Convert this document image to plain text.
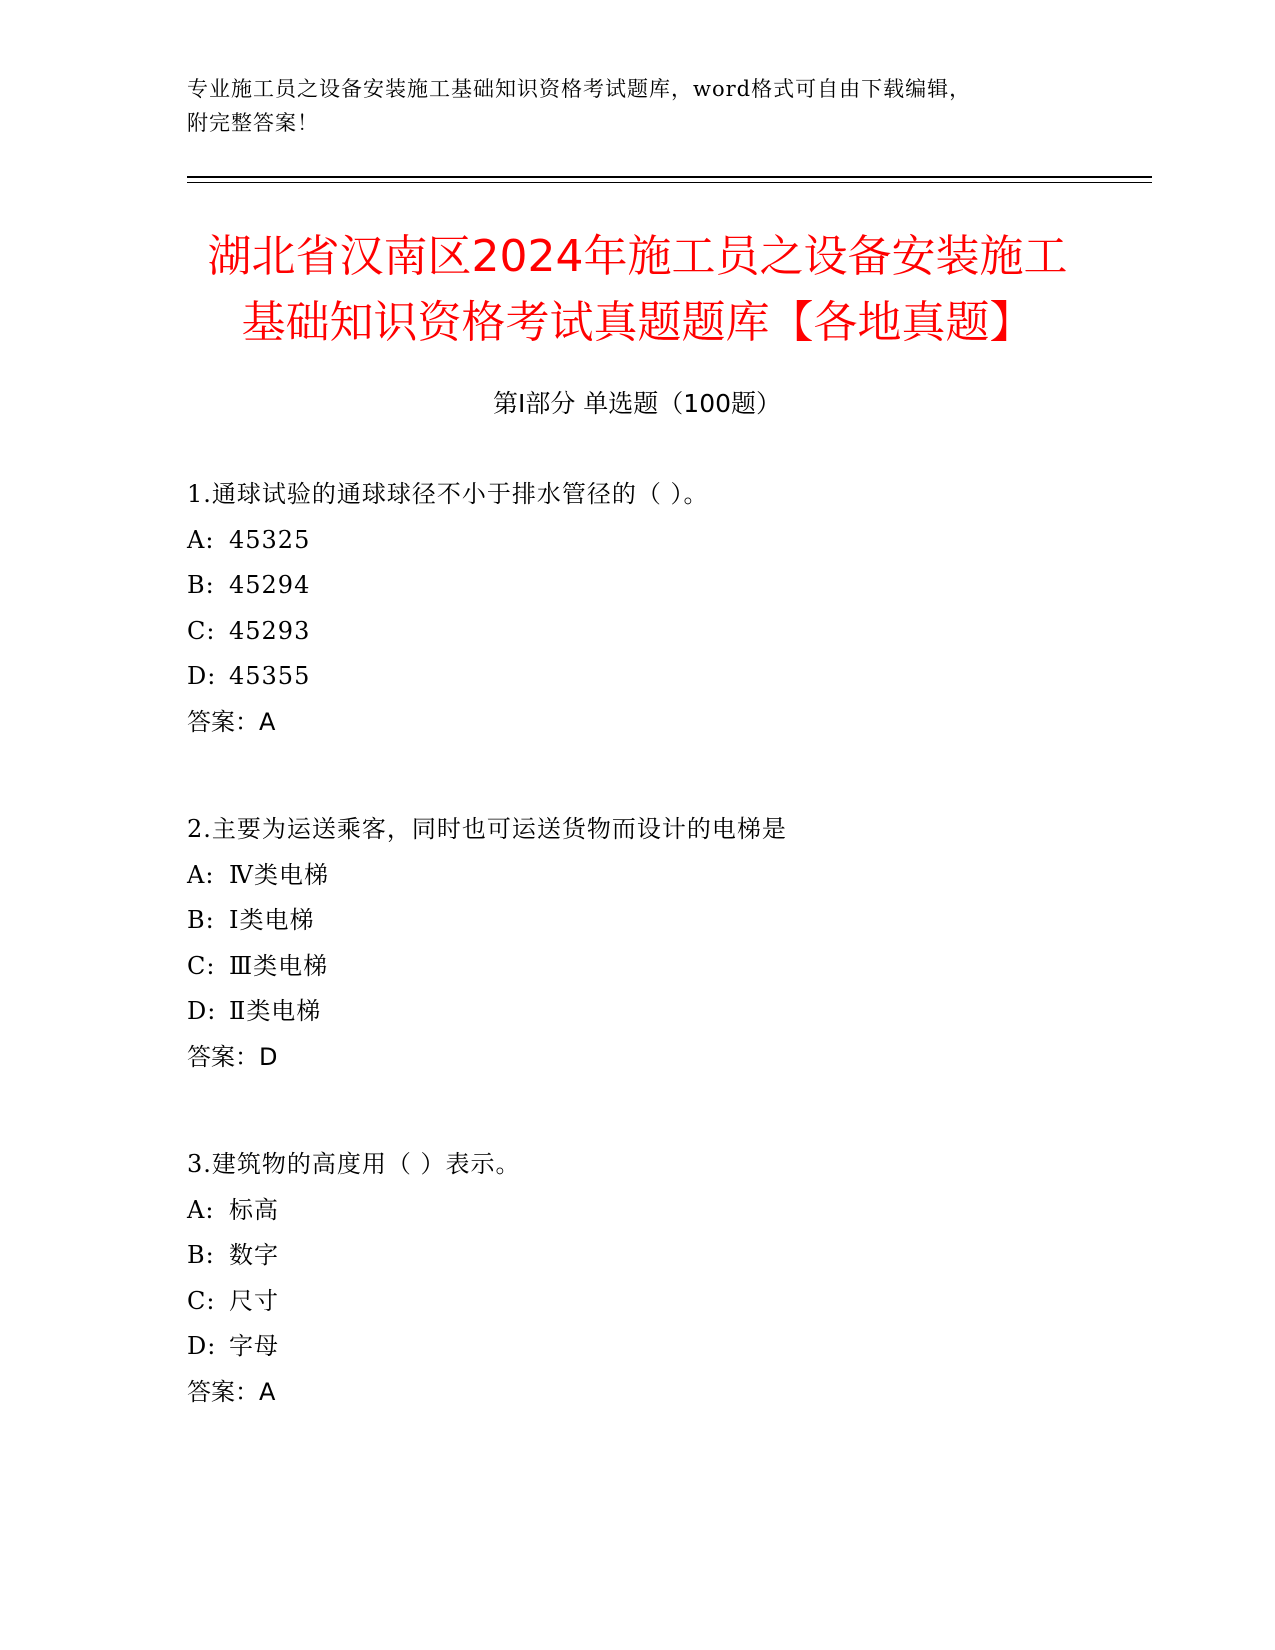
专业施工员之设备安装施工基础知识资格考试题库，word格式可自由下载编辑，
附完整答案！
湖北省汉南区2024年施工员之设备安装施工
基础知识资格考试真题题库【各地真题】
第Ⅰ部分 单选题（100题）
1.通球试验的通球球径不小于排水管径的（ ）。
A: 45325
B: 45294
C: 45293
D: 45355
答案：A
2.主要为运送乘客，同时也可运送货物而设计的电梯是
A: Ⅳ类电梯
B: Ⅰ类电梯
C: Ⅲ类电梯
D: Ⅱ类电梯
答案：D
3.建筑物的高度用（ ）表示。
A: 标高
B: 数字
C: 尺寸
D: 字母
答案：A
